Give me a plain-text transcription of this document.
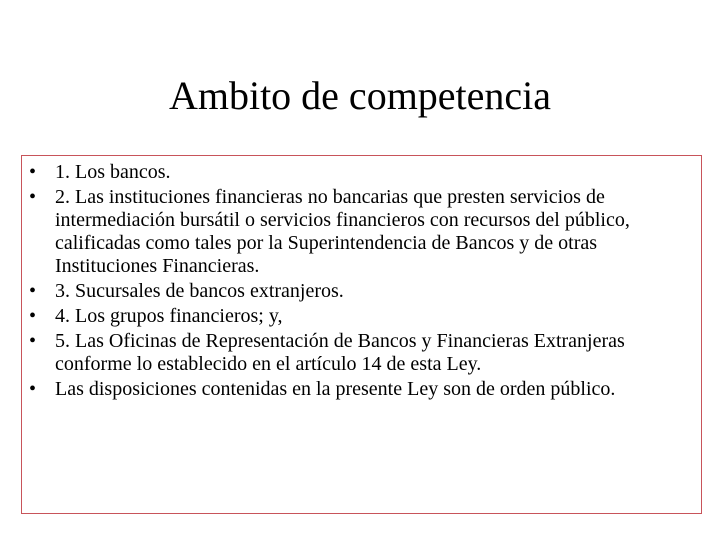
Ambito de competencia
• 1. Los bancos.
• 2. Las instituciones financieras no bancarias que presten servicios de intermediación bursátil o servicios financieros con recursos del público, calificadas como tales por la Superintendencia de Bancos y de otras Instituciones Financieras.
• 3. Sucursales de bancos extranjeros.
• 4. Los grupos financieros; y,
• 5. Las Oficinas de Representación de Bancos y Financieras Extranjeras conforme lo establecido en el artículo 14 de esta Ley.
• Las disposiciones contenidas en la presente Ley son de orden público.
